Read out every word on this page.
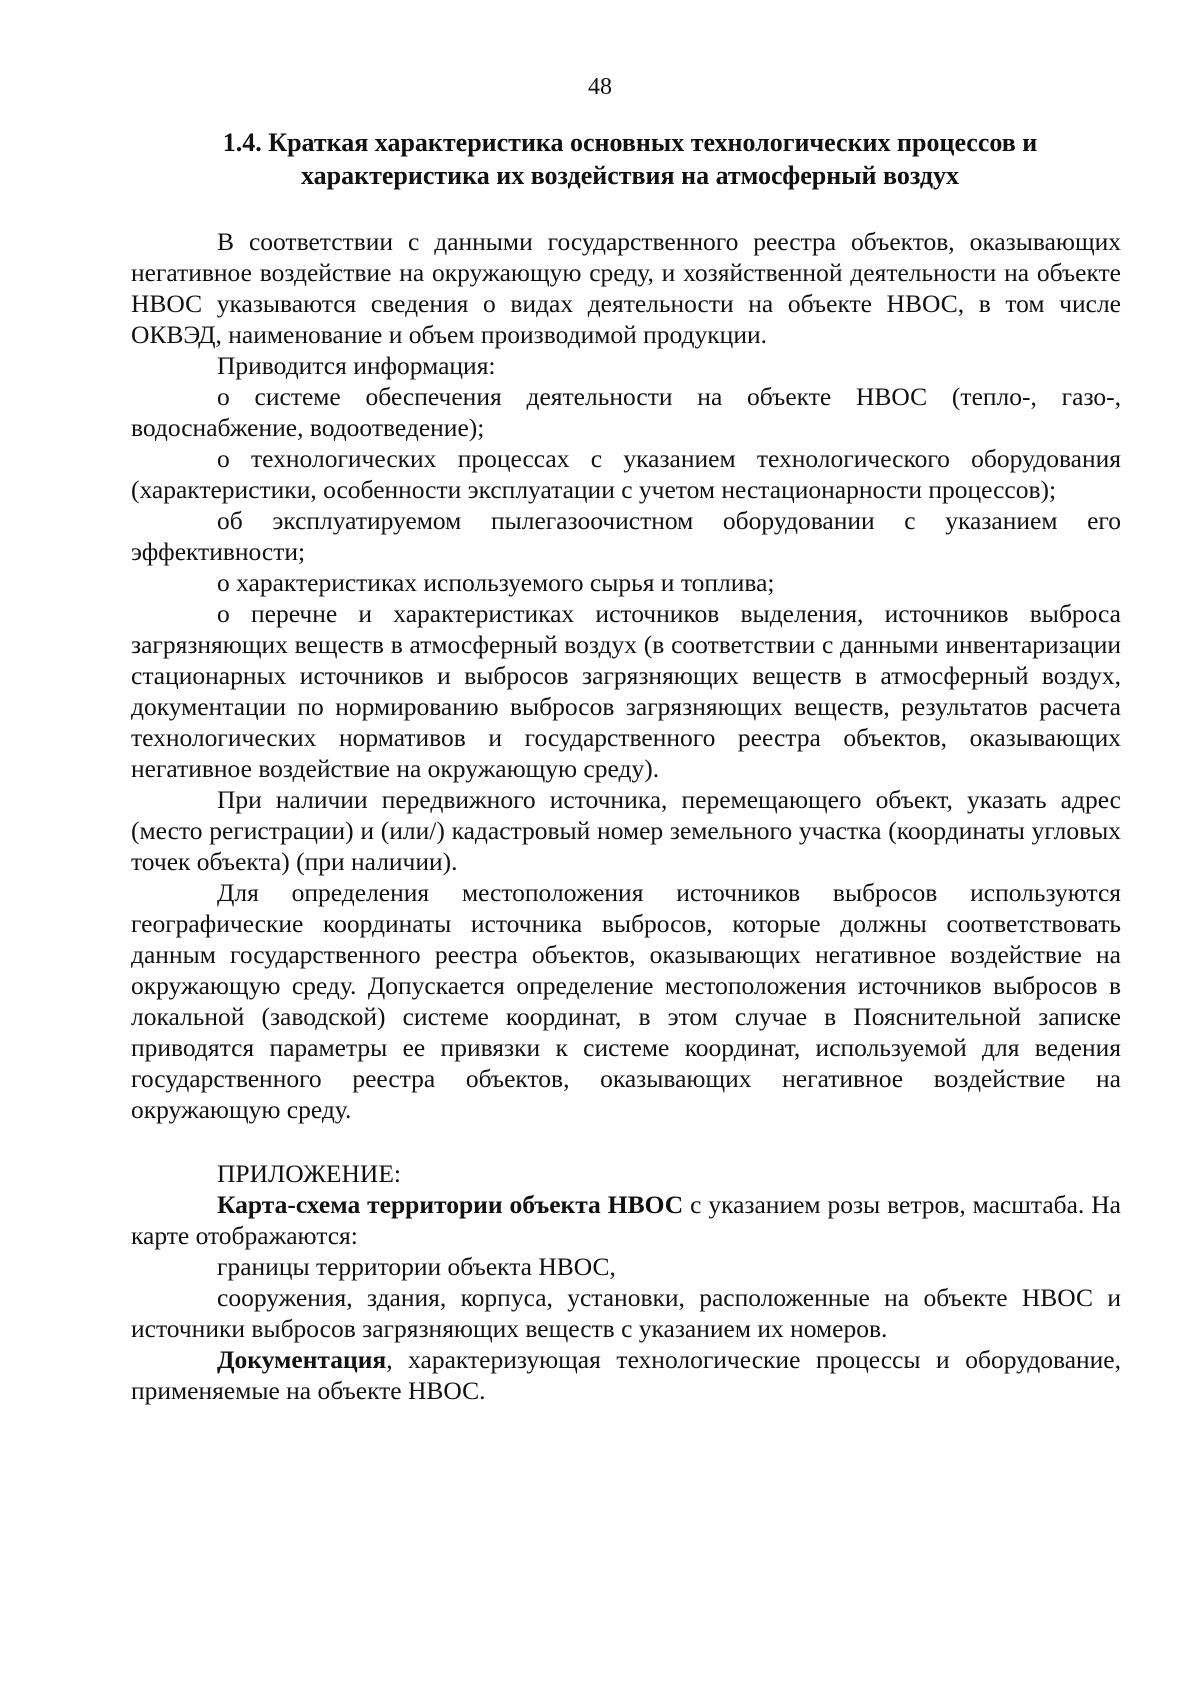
48
1.4. Краткая характеристика основных технологических процессов и
характеристика их воздействия на атмосферный воздух

В соответствии с данными государственного реестра объектов, оказывающих негативное воздействие на окружающую среду, и хозяйственной деятельности на объекте НВОС указываются сведения о видах деятельности на объекте НВОС, в том числе ОКВЭД, наименование и объем производимой продукции.

Приводится информация:

о системе обеспечения деятельности на объекте НВОС (тепло-, газо-, водоснабжение, водоотведение);

о технологических процессах с указанием технологического оборудования (характеристики, особенности эксплуатации с учетом нестационарности процессов);

об эксплуатируемом пылегазоочистном оборудовании с указанием его эффективности;

о характеристиках используемого сырья и топлива;

о перечне и характеристиках источников выделения, источников выброса загрязняющих веществ в атмосферный воздух (в соответствии с данными инвентаризации стационарных источников и выбросов загрязняющих веществ в атмосферный воздух, документации по нормированию выбросов загрязняющих веществ, результатов расчета технологических нормативов и государственного реестра объектов, оказывающих негативное воздействие на окружающую среду).

При наличии передвижного источника, перемещающего объект, указать адрес (место регистрации) и (или/) кадастровый номер земельного участка (координаты угловых точек объекта) (при наличии).

Для определения местоположения источников выбросов используются географические координаты источника выбросов, которые должны соответствовать данным государственного реестра объектов, оказывающих негативное воздействие на окружающую среду. Допускается определение местоположения источников выбросов в локальной (заводской) системе координат, в этом случае в Пояснительной записке приводятся параметры ее привязки к системе координат, используемой для ведения государственного реестра объектов, оказывающих негативное воздействие на окружающую среду.

ПРИЛОЖЕНИЕ:

Карта-схема территории объекта НВОС с указанием розы ветров, масштаба. На карте отображаются:

границы территории объекта НВОС,

сооружения, здания, корпуса, установки, расположенные на объекте НВОС и источники выбросов загрязняющих веществ с указанием их номеров.

Документация, характеризующая технологические процессы и оборудование, применяемые на объекте НВОС.
